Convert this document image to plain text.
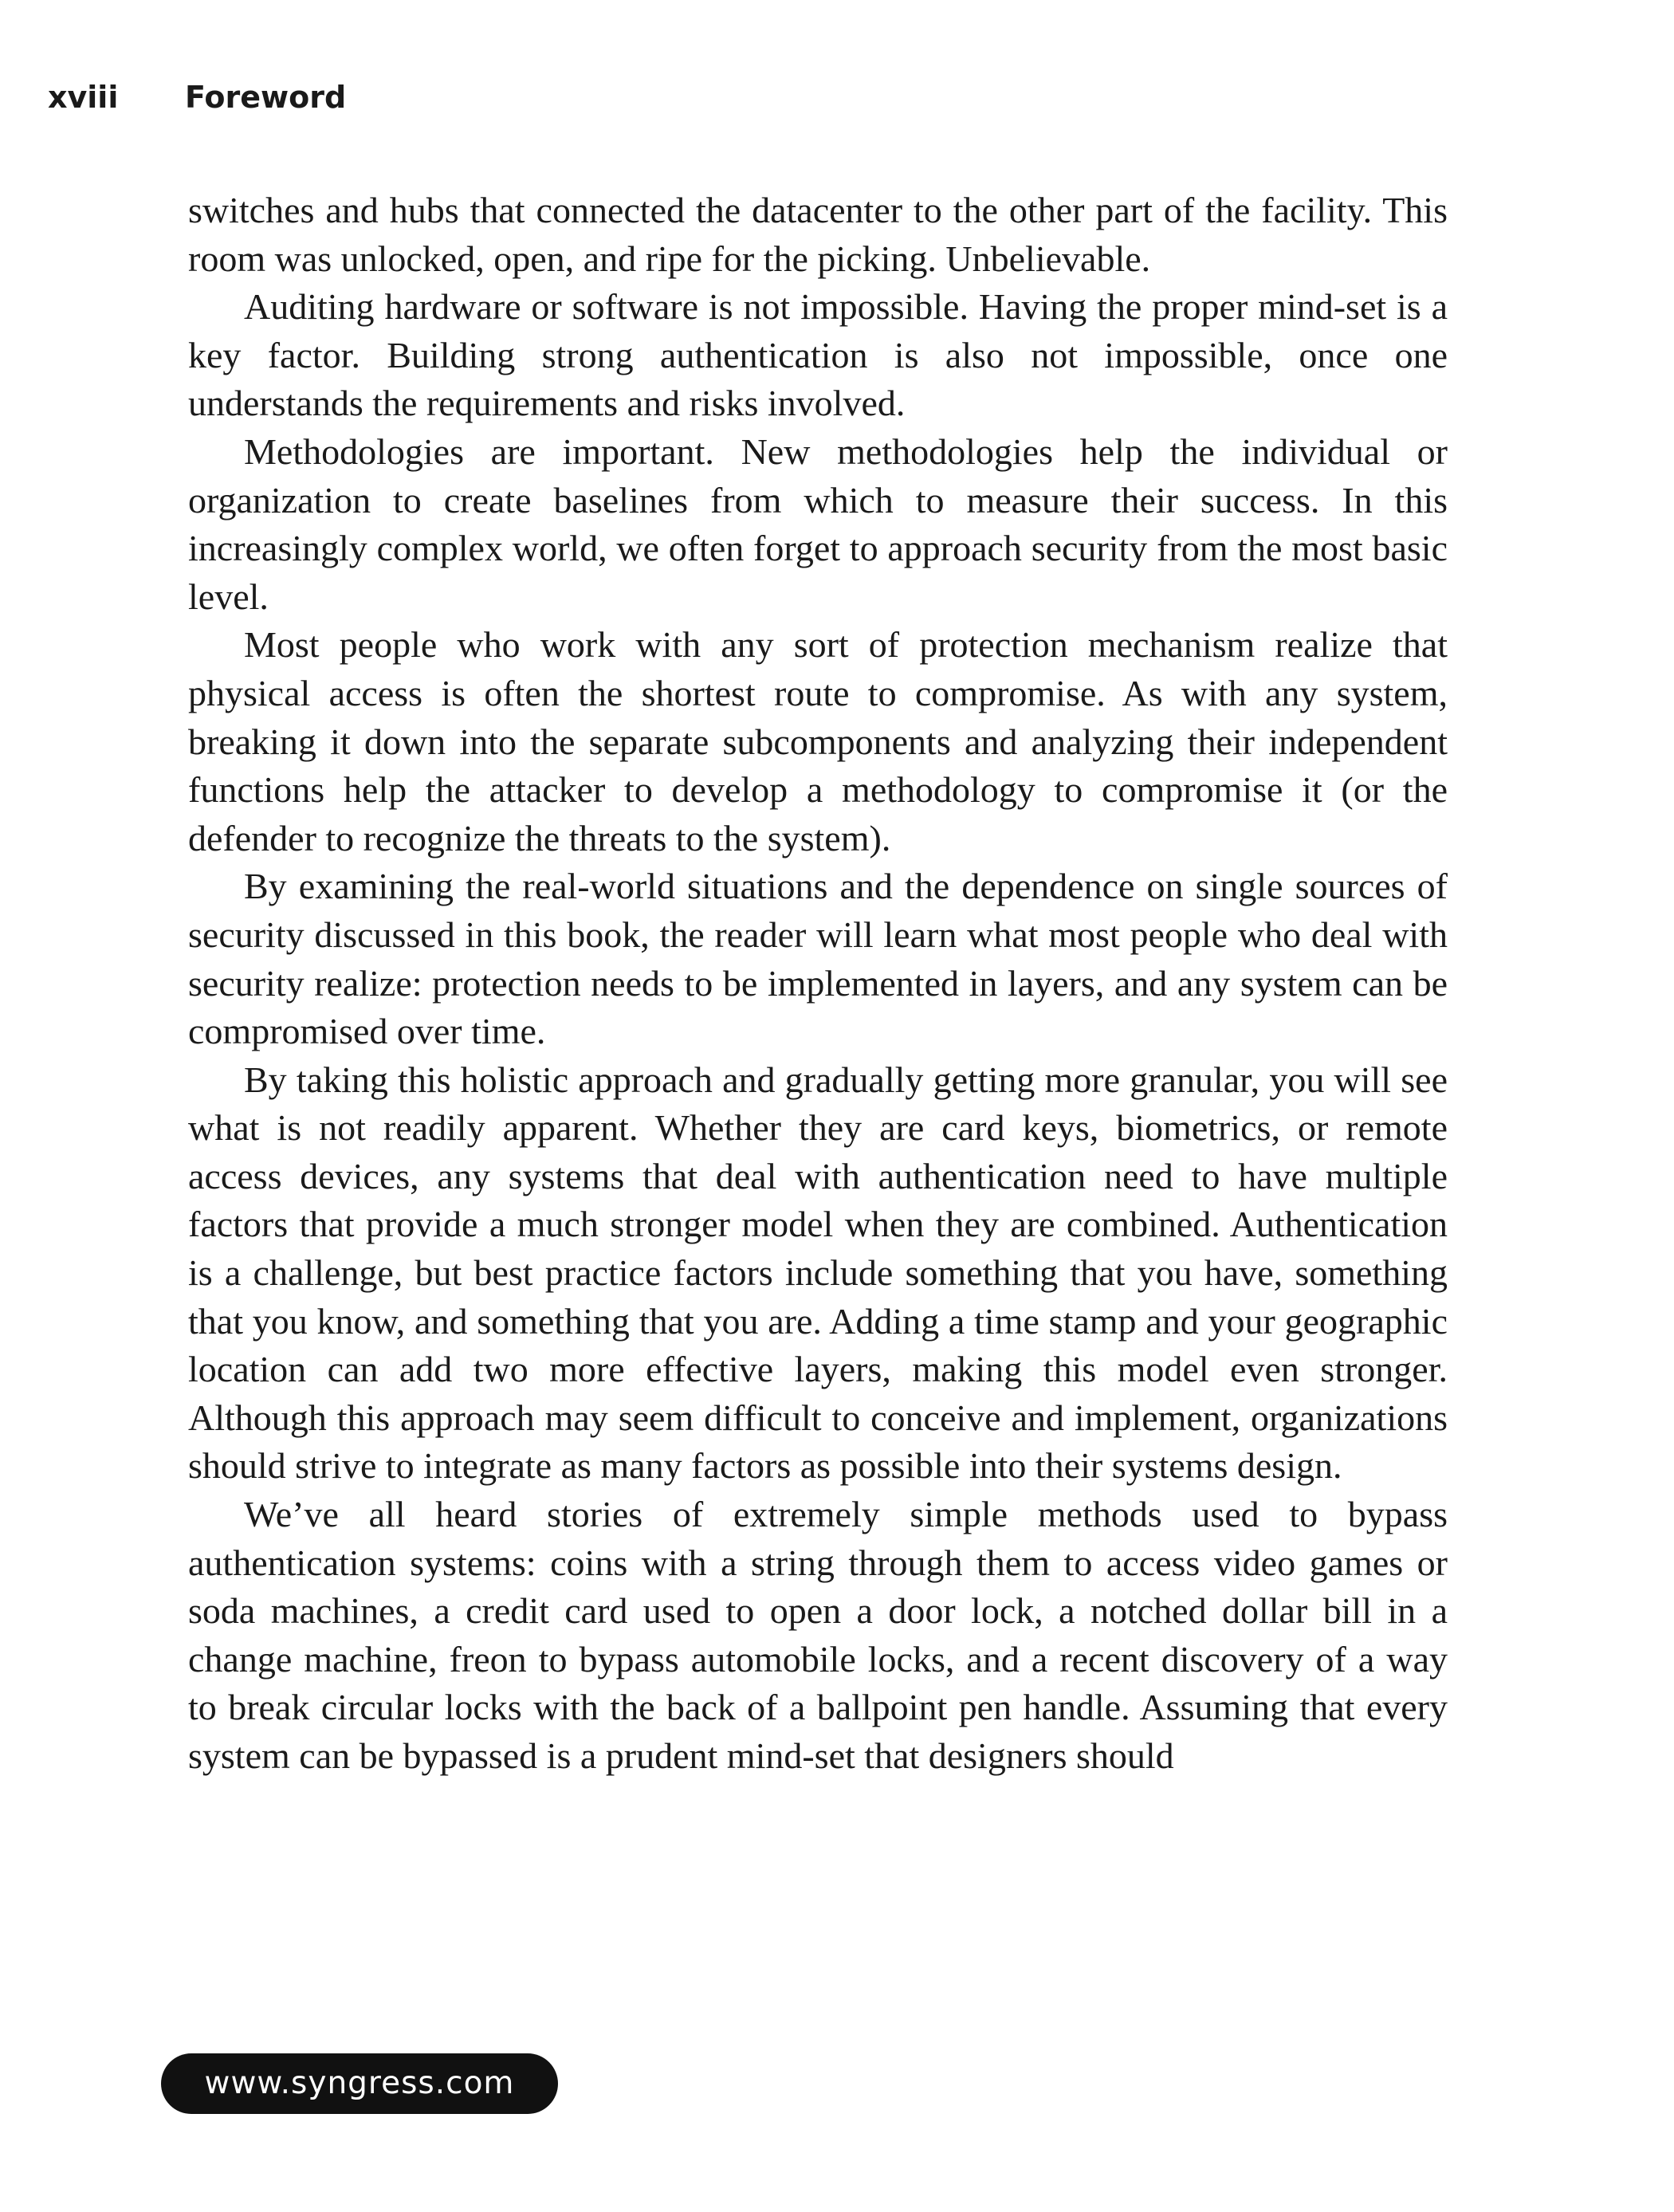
xviii Foreword

switches and hubs that connected the datacenter to the other part of the facility. This room was unlocked, open, and ripe for the picking. Unbelievable.

Auditing hardware or software is not impossible. Having the proper mind-set is a key factor. Building strong authentication is also not impossible, once one understands the requirements and risks involved.

Methodologies are important. New methodologies help the individual or organization to create baselines from which to measure their success. In this increasingly complex world, we often forget to approach security from the most basic level.

Most people who work with any sort of protection mechanism realize that physical access is often the shortest route to compromise. As with any system, breaking it down into the separate subcomponents and analyzing their independent functions help the attacker to develop a methodology to compromise it (or the defender to recognize the threats to the system).

By examining the real-world situations and the dependence on single sources of security discussed in this book, the reader will learn what most people who deal with security realize: protection needs to be implemented in layers, and any system can be compromised over time.

By taking this holistic approach and gradually getting more granular, you will see what is not readily apparent. Whether they are card keys, biometrics, or remote access devices, any systems that deal with authentication need to have multiple factors that provide a much stronger model when they are combined. Authentication is a challenge, but best practice factors include something that you have, something that you know, and something that you are. Adding a time stamp and your geographic location can add two more effective layers, making this model even stronger. Although this approach may seem difficult to conceive and implement, organizations should strive to integrate as many factors as possible into their systems design.

We’ve all heard stories of extremely simple methods used to bypass authentication systems: coins with a string through them to access video games or soda machines, a credit card used to open a door lock, a notched dollar bill in a change machine, freon to bypass automobile locks, and a recent discovery of a way to break circular locks with the back of a ballpoint pen handle. Assuming that every system can be bypassed is a prudent mind-set that designers should

www.syngress.com
